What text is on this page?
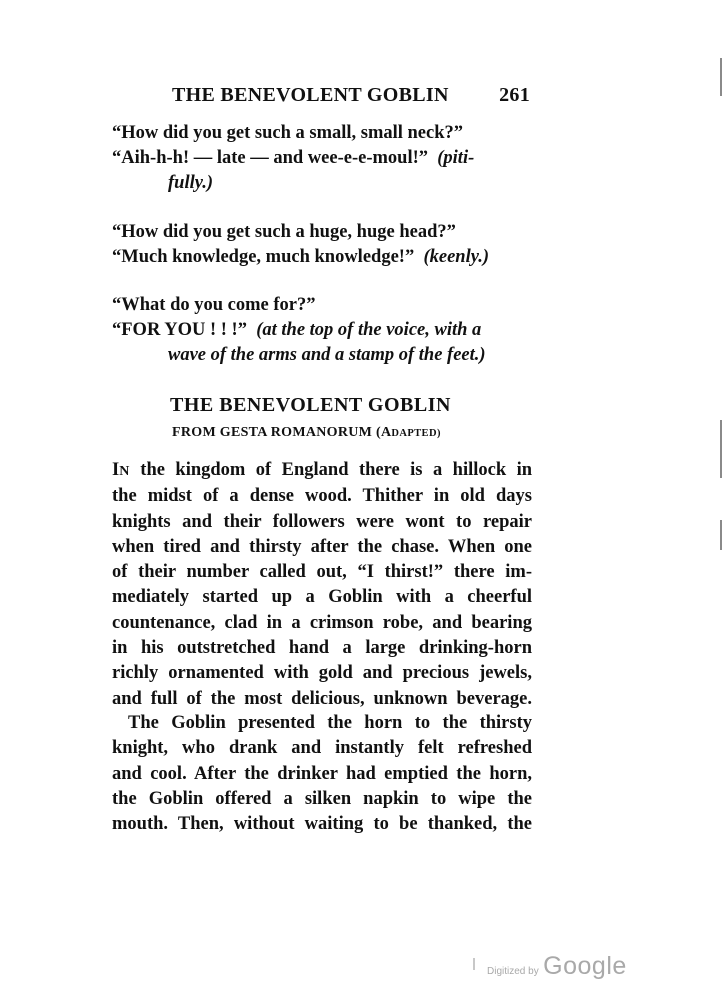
THE BENEVOLENT GOBLIN	261
“How did you get such a small, small neck?”
“Aih-h-h! — late — and wee-e-e-moul!” (piti-
fully.)
“How did you get such a huge, huge head?”
“Much knowledge, much knowledge!” (keenly.)
“What do you come for?”
“FOR YOU ! ! !” (at the top of the voice, with a
wave of the arms and a stamp of the feet.)
THE BENEVOLENT GOBLIN
FROM GESTA ROMANORUM (ADAPTED)
IN the kingdom of England there is a hillock in
the midst of a dense wood. Thither in old days
knights and their followers were wont to repair
when tired and thirsty after the chase. When one
of their number called out, “I thirst!” there im-
mediately started up a Goblin with a cheerful
countenance, clad in a crimson robe, and bearing
in his outstretched hand a large drinking-horn
richly ornamented with gold and precious jewels,
and full of the most delicious, unknown beverage.
The Goblin presented the horn to the thirsty
knight, who drank and instantly felt refreshed
and cool. After the drinker had emptied the horn,
the Goblin offered a silken napkin to wipe the
mouth. Then, without waiting to be thanked, the
Digitized by Google
